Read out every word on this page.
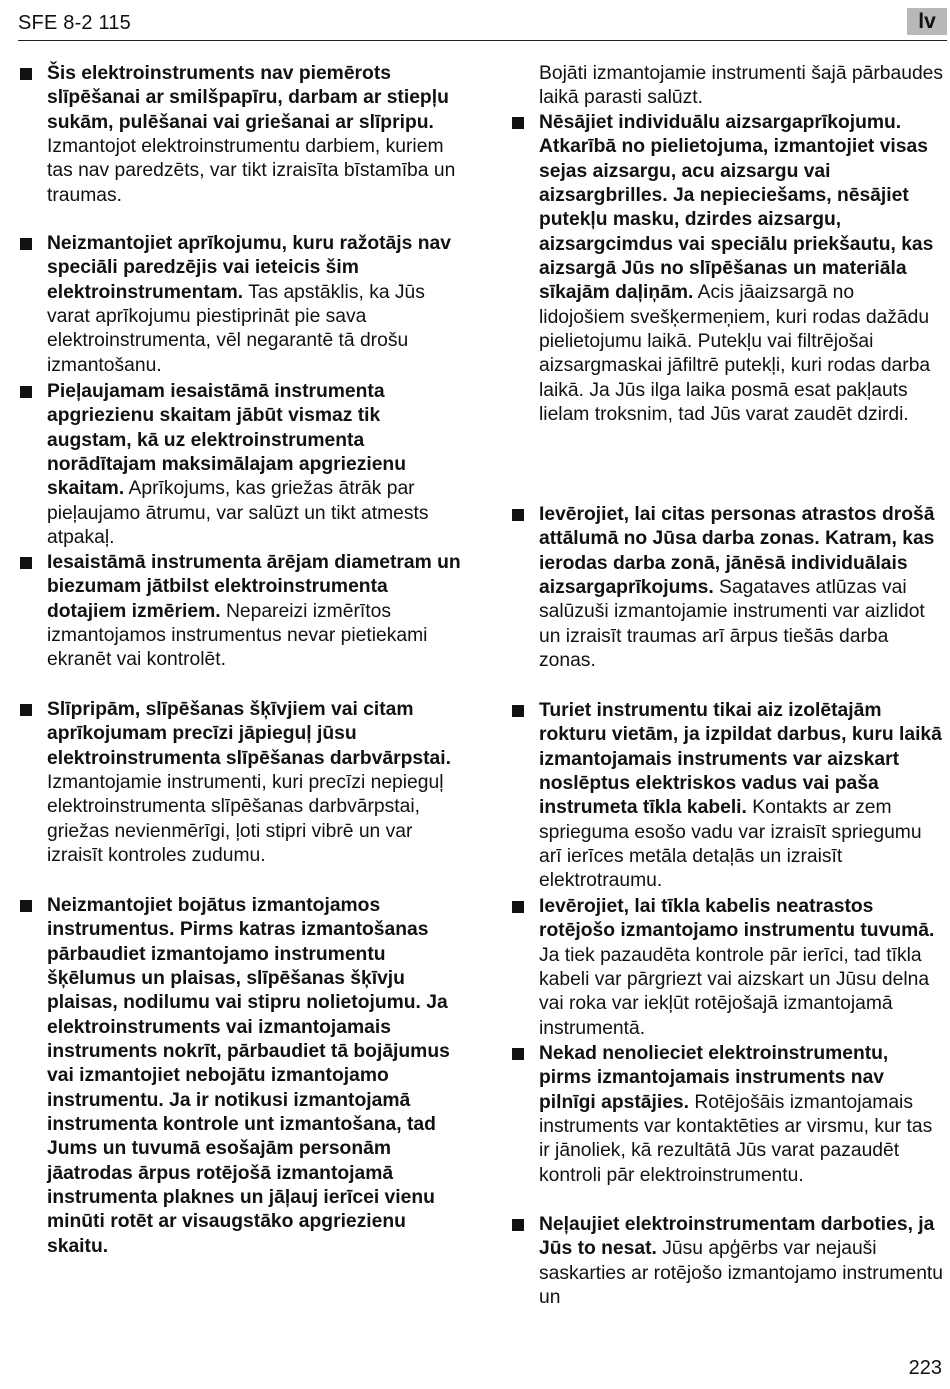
SFE 8-2 115	lv
Šis elektroinstruments nav piemērots slīpēšanai ar smilšpapīru, darbam ar stiepļu sukām, pulēšanai vai griešanai ar slīpripu. Izmantojot elektroinstrumentu darbiem, kuriem tas nav paredzēts, var tikt izraisīta bīstamība un traumas.
Neizmantojiet aprīkojumu, kuru ražotājs nav speciāli paredzējis vai ieteicis šim elektroinstrumentam. Tas apstāklis, ka Jūs varat aprīkojumu piestiprināt pie sava elektroinstrumenta, vēl negarantē tā drošu izmantošanu.
Pieļaujamam iesaistāmā instrumenta apgriezienu skaitam jābūt vismaz tik augstam, kā uz elektroinstrumenta norādītajam maksimālajam apgriezienu skaitam. Aprīkojums, kas griežas ātrāk par pieļaujamo ātrumu, var salūzt un tikt atmests atpakaļ.
Iesaistāmā instrumenta ārējam diametram un biezumam jātbilst elektroinstrumenta dotajiem izmēriem. Nepareizi izmērītos izmantojamos instrumentus nevar pietiekami ekranēt vai kontrolēt.
Slīpripām, slīpēšanas šķīvjiem vai citam aprīkojumam precīzi jāpieguļ jūsu elektroinstrumenta slīpēšanas darbvārpstai. Izmantojamie instrumenti, kuri precīzi nepieguļ elektroinstrumenta slīpēšanas darbvārpstai, griežas nevienmērīgi, ļoti stipri vibrē un var izraisīt kontroles zudumu.
Neizmantojiet bojātus izmantojamos instrumentus. Pirms katras izmantošanas pārbaudiet izmantojamo instrumentu šķēlumus un plaisas, slīpēšanas šķīvju plaisas, nodilumu vai stipru nolietojumu. Ja elektroinstruments vai izmantojamais instruments nokrīt, pārbaudiet tā bojājumus vai izmantojiet nebojātu izmantojamo instrumentu. Ja ir notikusi izmantojamā instrumenta kontrole unt izmantošana, tad Jums un tuvumā esošajām personām jāatrodas ārpus rotējošā izmantojamā instrumenta plaknes un jāļauj ierīcei vienu minūti rotēt ar visaugstāko apgriezienu skaitu.
Bojāti izmantojamie instrumenti šajā pārbaudes laikā parasti salūzt.
Nēsājiet individuālu aizsargaprīkojumu. Atkarībā no pielietojuma, izmantojiet visas sejas aizsargu, acu aizsargu vai aizsargbrilles. Ja nepieciešams, nēsājiet putekļu masku, dzirdes aizsargu, aizsargcimdus vai speciālu priekšautu, kas aizsargā Jūs no slīpēšanas un materiāla sīkajām daļiņām. Acis jāaizsargā no lidojošiem svešķermeņiem, kuri rodas dažādu pielietojumu laikā. Putekļu vai filtrējošai aizsargmaskai jāfiltrē putekļi, kuri rodas darba laikā. Ja Jūs ilga laika posmā esat pakļauts lielam troksnim, tad Jūs varat zaudēt dzirdi.
Ievērojiet, lai citas personas atrastos drošā attālumā no Jūsa darba zonas. Katram, kas ierodas darba zonā, jānēsā individuālais aizsargaprīkojums. Sagataves atlūzas vai salūzuši izmantojamie instrumenti var aizlidot un izraisīt traumas arī ārpus tiešās darba zonas.
Turiet instrumentu tikai aiz izolētajām rokturu vietām, ja izpildat darbus, kuru laikā izmantojamais instruments var aizskart noslēptus elektriskos vadus vai paša instrumeta tīkla kabeli. Kontakts ar zem sprieguma esošo vadu var izraisīt spriegumu arī ierīces metāla detaļās un izraisīt elektrotraumu.
Ievērojiet, lai tīkla kabelis neatrastos rotējošo izmantojamo instrumentu tuvumā. Ja tiek pazaudēta kontrole pār ierīci, tad tīkla kabeli var pārgriezt vai aizskart un Jūsu delna vai roka var iekļūt rotējošajā izmantojamā instrumentā.
Nekad nenolieciet elektroinstrumentu, pirms izmantojamais instruments nav pilnīgi apstājies. Rotējošāis izmantojamais instruments var kontaktēties ar virsmu, kur tas ir jānoliek, kā rezultātā Jūs varat pazaudēt kontroli pār elektroinstrumentu.
Neļaujiet elektroinstrumentam darboties, ja Jūs to nesat. Jūsu apģērbs var nejauši saskarties ar rotējošo izmantojamo instrumentu un
223
